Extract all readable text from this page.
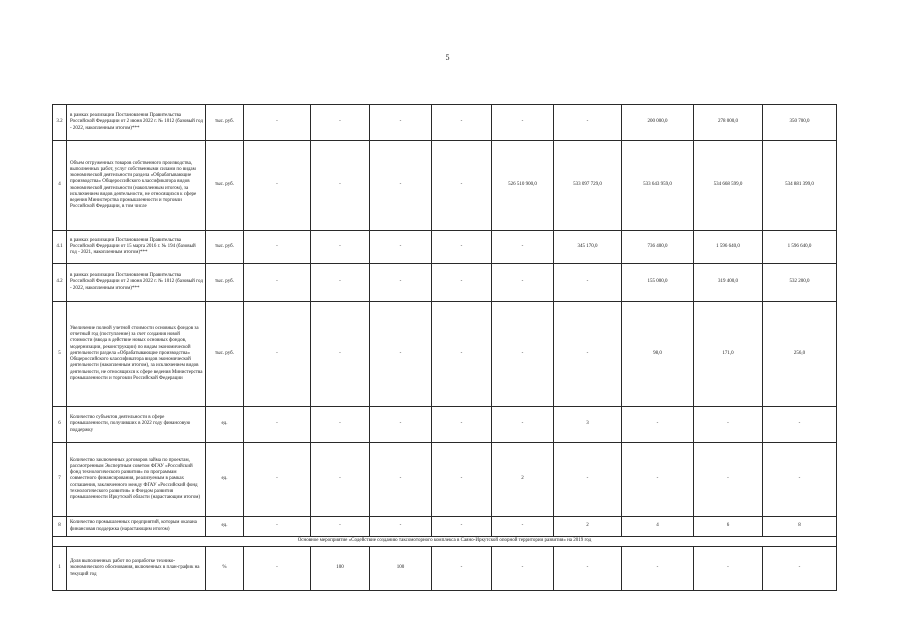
5
3.2	в рамках реализации Постановления Правительства Российской Федерации от 2 июня 2022 г. № 1012 (базовый год - 2022, накопленным итогом)***	тыс. руб.	-	-	-	-	-	-	200 000,0	278 000,0	350 700,0
4	Объем отгруженных товаров собственного производства, выполненных работ, услуг собственными силами по видам экономической деятельности раздела «Обрабатывающие производства» Общероссийского классификатора видов экономической деятельности (накопленным итогом), за исключением видов деятельности, не относящихся к сфере ведения Министерства промышленности и торговли Российской Федерации, в том числе	тыс. руб.	-	-	-	-	526 510 900,0	533 097 729,0	533 643 959,0	534 668 599,0	534 881 399,0
4.1	в рамках реализации Постановления Правительства Российской Федерации от 15 марта 2016 г. № 194 (базовый год - 2021, накопленным итогом)***	тыс. руб.	-	-	-	-	-	345 170,0	736 400,0	1 596 640,0	1 596 640,0
4.2	в рамках реализации Постановления Правительства Российской Федерации от 2 июня 2022 г. № 1012 (базовый год - 2022, накопленным итогом)***	тыс. руб.	-	-	-	-	-	-	155 000,0	319 400,0	532 200,0
5	Увеличение полной учетной стоимости основных фондов за отчетный год (поступление) за счет создания новой стоимости (ввода в действие новых основных фондов, модернизации, реконструкции) по видам экономической деятельности раздела «Обрабатывающие производства» Общероссийского классификатора видов экономической деятельности (накопленным итогом), за исключением видов деятельности, не относящихся к сфере ведения Министерства промышленности и торговли Российской Федерации	тыс. руб.	-	-	-	-	-	-	98,0	171,0	256,0
6	Количество субъектов деятельности в сфере промышленности, получивших в 2022 году финансовую поддержку	ед.	-	-	-	-	-	3	-	-	-
7	Количество заключенных договоров займа по проектам, рассмотренным Экспертным советом ФГАУ «Российский фонд технологического развития» по программам совместного финансирования, реализуемым в рамках соглашения, заключенного между ФГАУ «Российский фонд технологического развития» и Фондом развития промышленности Иркутской области (нарастающим итогом)	ед.	-	-	-	-	2	-	-	-	-
8	Количество промышленных предприятий, которым оказана финансовая поддержка (нарастающим итогом)	ед.	-	-	-	-	-	2	4	6	8
Основное мероприятие «Содействие созданию таксомоторного комплекса в Саяно-Иркутской опорной территории развития» на 2019 год											
1	Доля выполненных работ по разработке технико-экономического обоснования, включенных в план-график на текущий год	%	-	100	100	-	-	-	-	-	-
